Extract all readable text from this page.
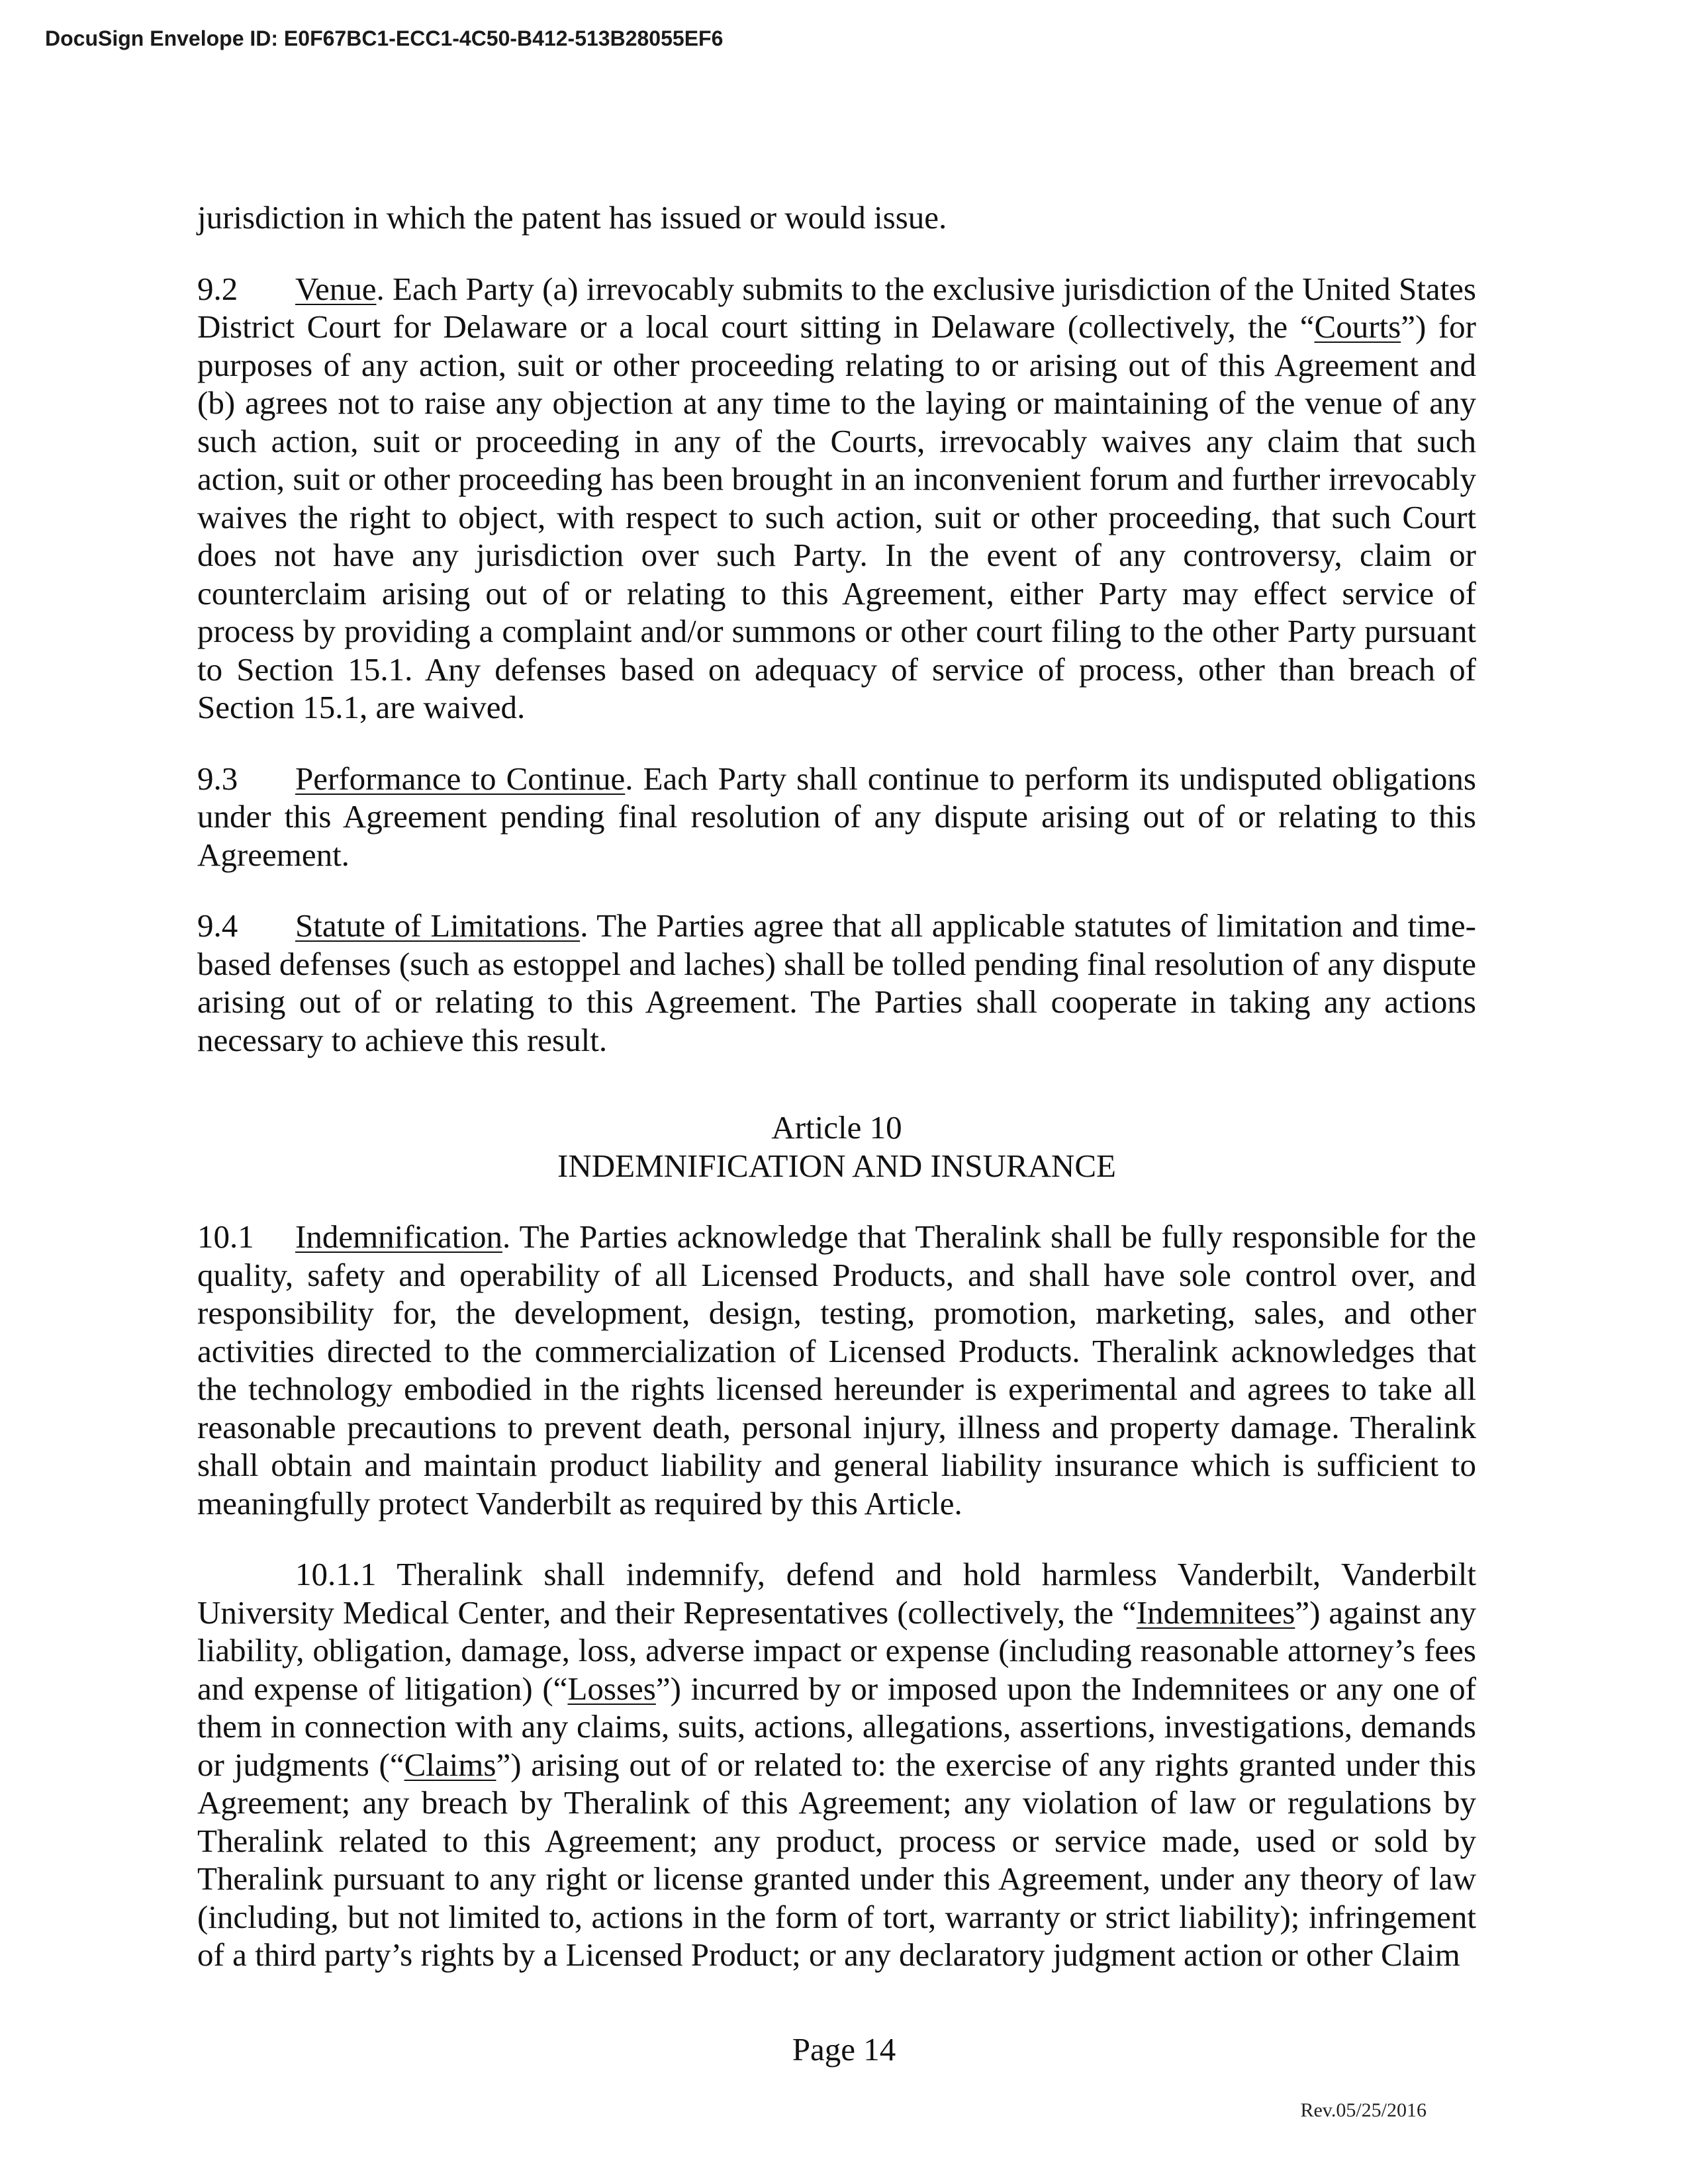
DocuSign Envelope ID: E0F67BC1-ECC1-4C50-B412-513B28055EF6

jurisdiction in which the patent has issued or would issue.

9.2 Venue. Each Party (a) irrevocably submits to the exclusive jurisdiction of the United States District Court for Delaware or a local court sitting in Delaware (collectively, the “Courts”) for purposes of any action, suit or other proceeding relating to or arising out of this Agreement and (b) agrees not to raise any objection at any time to the laying or maintaining of the venue of any such action, suit or proceeding in any of the Courts, irrevocably waives any claim that such action, suit or other proceeding has been brought in an inconvenient forum and further irrevocably waives the right to object, with respect to such action, suit or other proceeding, that such Court does not have any jurisdiction over such Party. In the event of any controversy, claim or counterclaim arising out of or relating to this Agreement, either Party may effect service of process by providing a complaint and/or summons or other court filing to the other Party pursuant to Section 15.1. Any defenses based on adequacy of service of process, other than breach of Section 15.1, are waived.

9.3 Performance to Continue. Each Party shall continue to perform its undisputed obligations under this Agreement pending final resolution of any dispute arising out of or relating to this Agreement.

9.4 Statute of Limitations. The Parties agree that all applicable statutes of limitation and time-based defenses (such as estoppel and laches) shall be tolled pending final resolution of any dispute arising out of or relating to this Agreement. The Parties shall cooperate in taking any actions necessary to achieve this result.

Article 10
INDEMNIFICATION AND INSURANCE

10.1 Indemnification. The Parties acknowledge that Theralink shall be fully responsible for the quality, safety and operability of all Licensed Products, and shall have sole control over, and responsibility for, the development, design, testing, promotion, marketing, sales, and other activities directed to the commercialization of Licensed Products. Theralink acknowledges that the technology embodied in the rights licensed hereunder is experimental and agrees to take all reasonable precautions to prevent death, personal injury, illness and property damage. Theralink shall obtain and maintain product liability and general liability insurance which is sufficient to meaningfully protect Vanderbilt as required by this Article.

10.1.1 Theralink shall indemnify, defend and hold harmless Vanderbilt, Vanderbilt University Medical Center, and their Representatives (collectively, the “Indemnitees”) against any liability, obligation, damage, loss, adverse impact or expense (including reasonable attorney’s fees and expense of litigation) (“Losses”) incurred by or imposed upon the Indemnitees or any one of them in connection with any claims, suits, actions, allegations, assertions, investigations, demands or judgments (“Claims”) arising out of or related to: the exercise of any rights granted under this Agreement; any breach by Theralink of this Agreement; any violation of law or regulations by Theralink related to this Agreement; any product, process or service made, used or sold by Theralink pursuant to any right or license granted under this Agreement, under any theory of law (including, but not limited to, actions in the form of tort, warranty or strict liability); infringement of a third party’s rights by a Licensed Product; or any declaratory judgment action or other Claim

Page 14
Rev.05/25/2016
